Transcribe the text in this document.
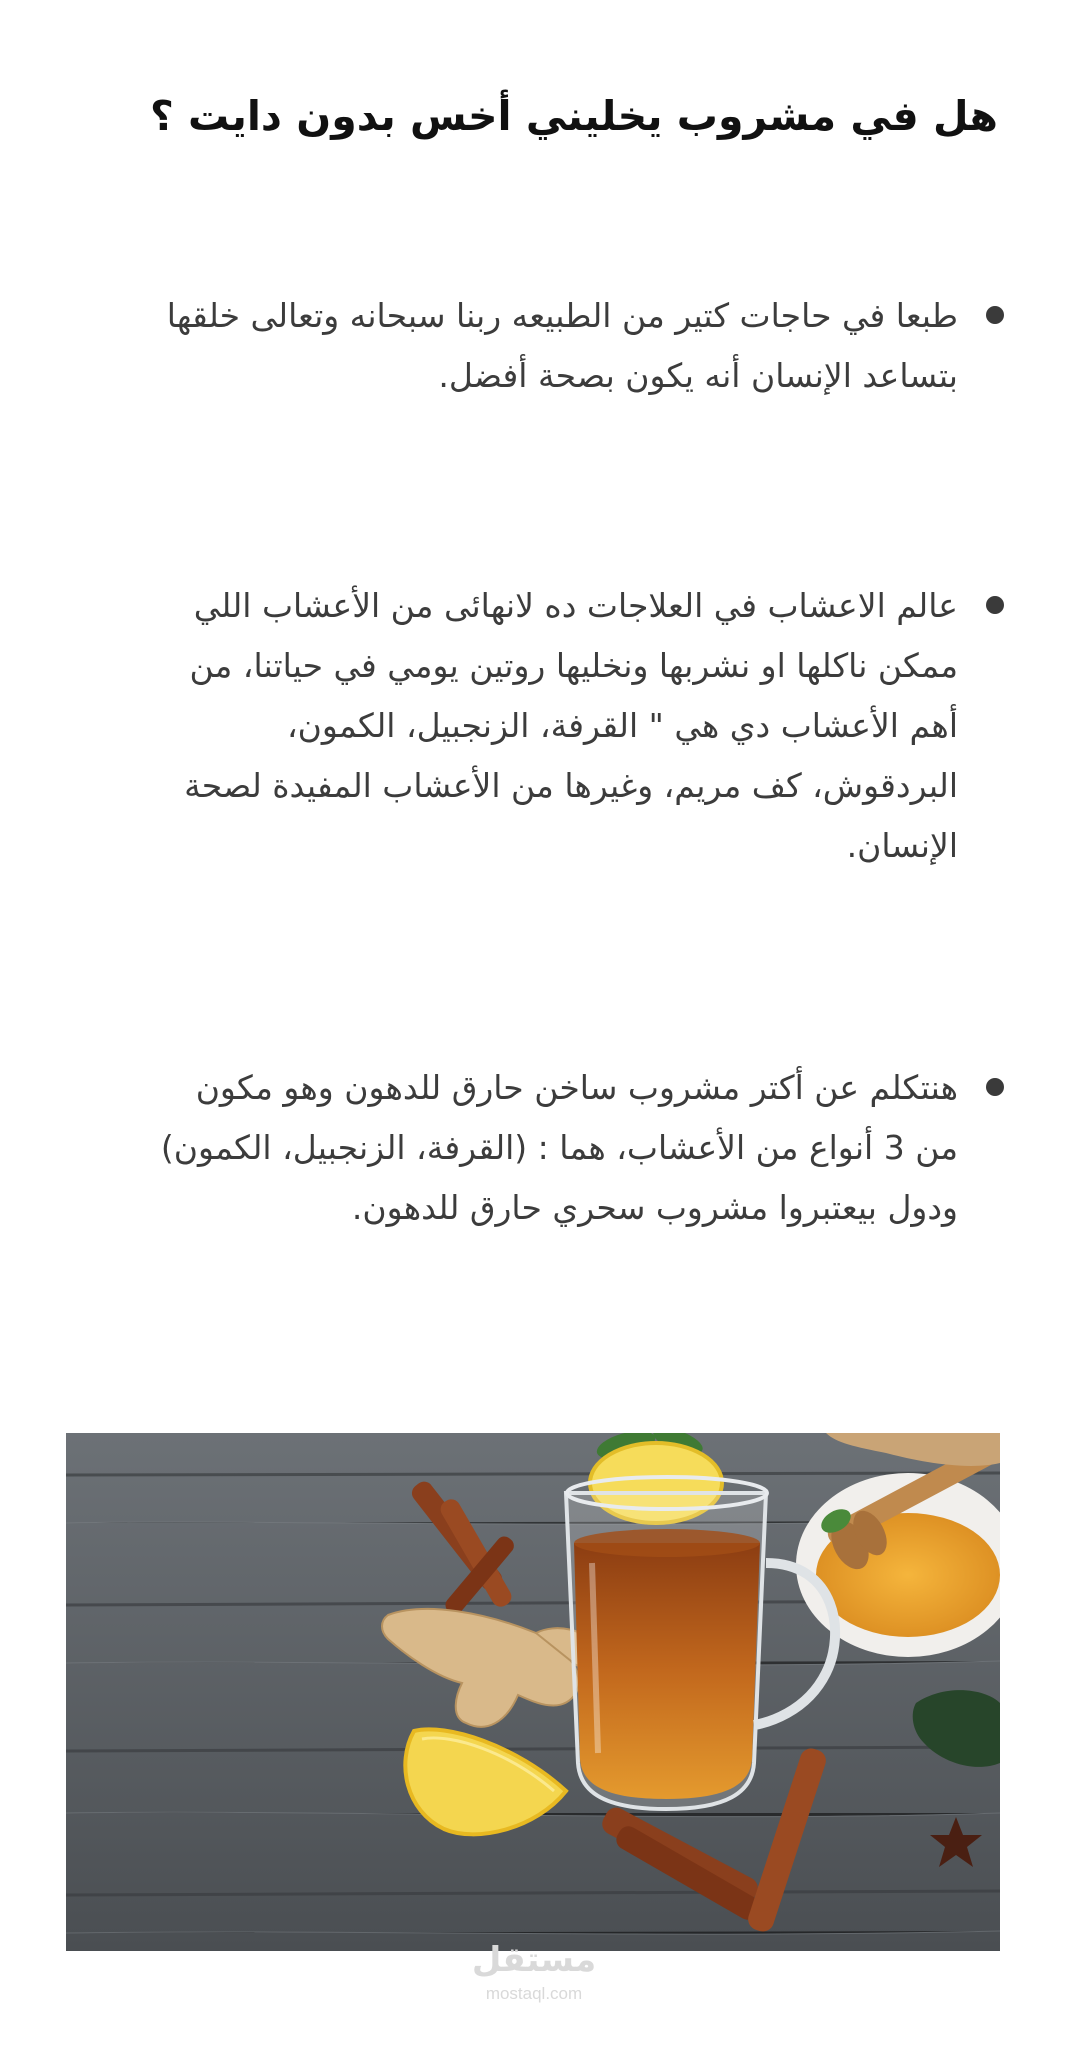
هل في مشروب يخليني أخس بدون دايت ؟

طبعا في حاجات كتير من الطبيعه ربنا سبحانه وتعالى خلقها بتساعد الإنسان أنه يكون بصحة أفضل.

عالم الاعشاب في العلاجات ده لانهائى من الأعشاب اللي ممكن ناكلها او نشربها ونخليها روتين يومي في حياتنا، من أهم الأعشاب دي هي " القرفة، الزنجبيل، الكمون، البردقوش، كف مريم، وغيرها من الأعشاب المفيدة لصحة الإنسان.

هنتكلم عن أكتر مشروب ساخن حارق للدهون وهو مكون من 3 أنواع من الأعشاب، هما : (القرفة، الزنجبيل، الكمون) ودول بيعتبروا مشروب سحري حارق للدهون.

مستقل
mostaql.com
